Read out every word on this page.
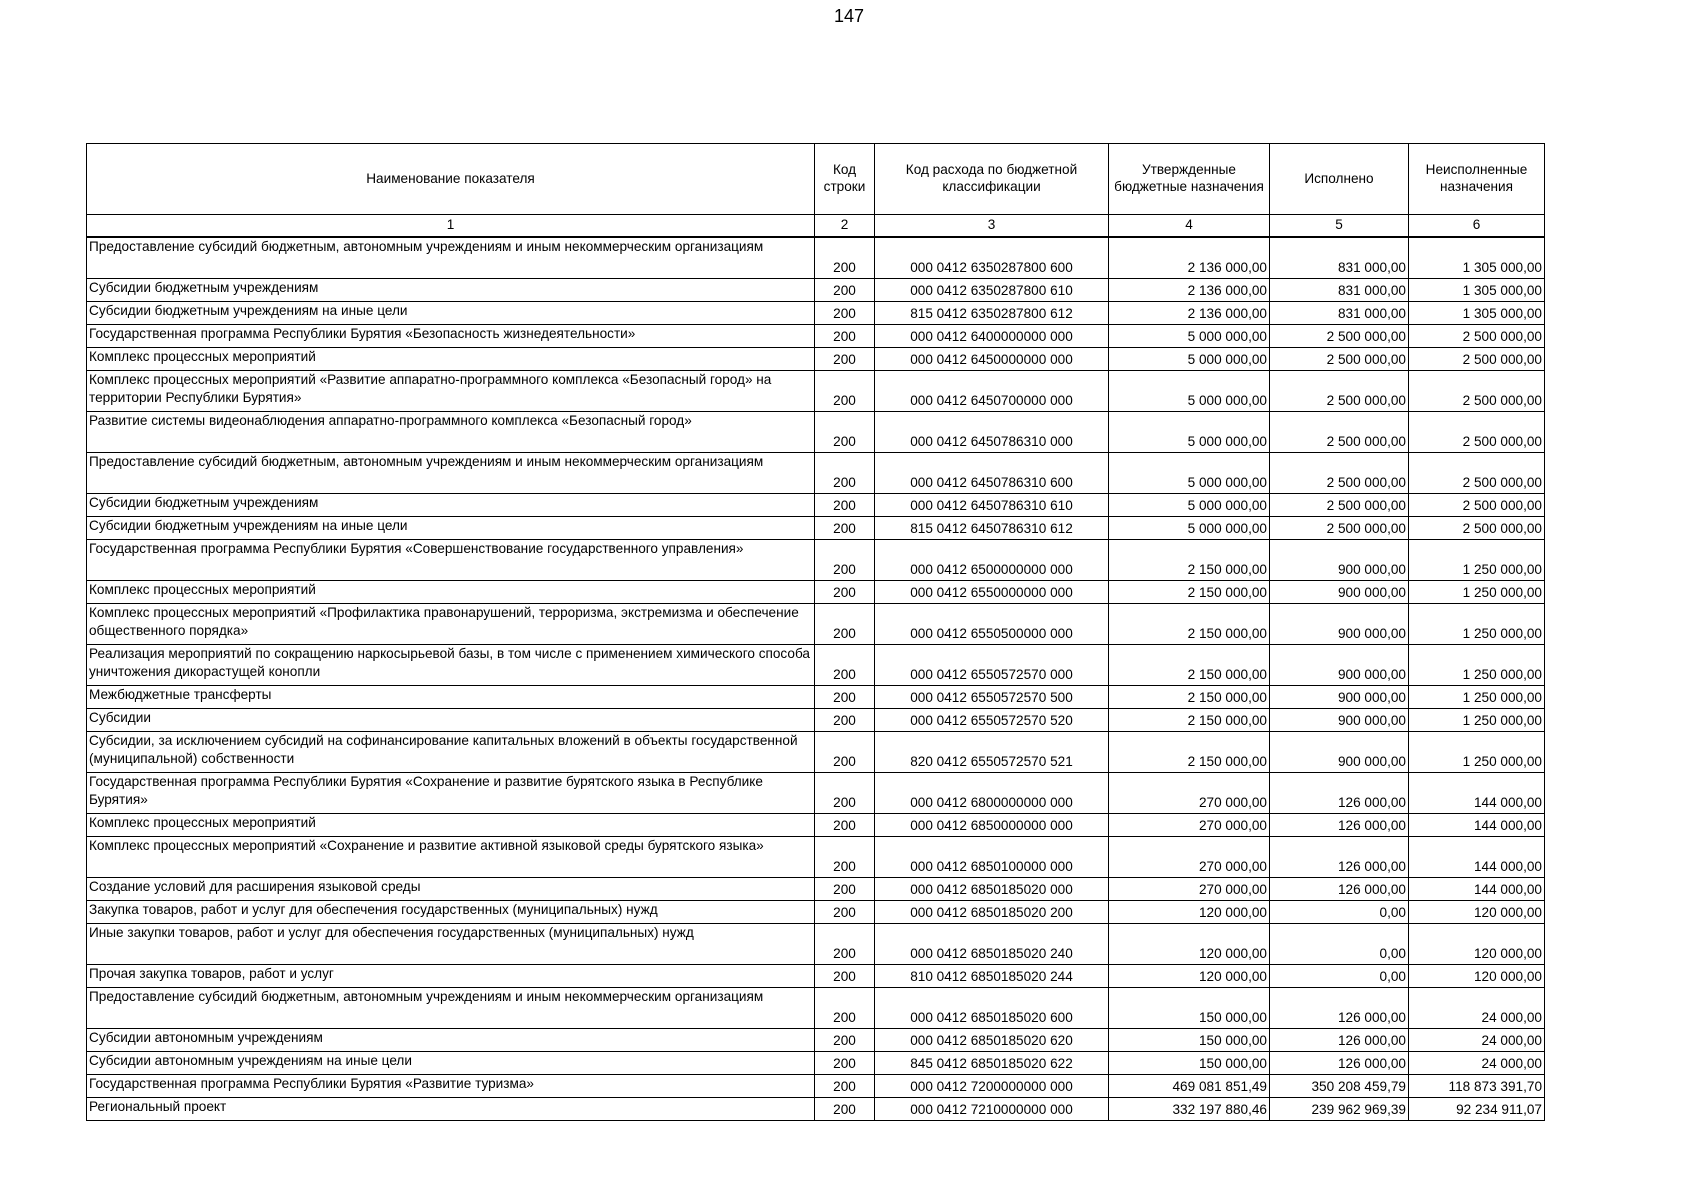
147
Наименование показателя	Код строки	Код расхода по бюджетной классификации	Утвержденные бюджетные назначения	Исполнено	Неисполненные назначения
1	2	3	4	5	6
Предоставление субсидий бюджетным, автономным учреждениям и иным некоммерческим организациям	200	000 0412 6350287800 600	2 136 000,00	831 000,00	1 305 000,00
Субсидии бюджетным учреждениям	200	000 0412 6350287800 610	2 136 000,00	831 000,00	1 305 000,00
Субсидии бюджетным учреждениям на иные цели	200	815 0412 6350287800 612	2 136 000,00	831 000,00	1 305 000,00
Государственная программа Республики Бурятия «Безопасность жизнедеятельности»	200	000 0412 6400000000 000	5 000 000,00	2 500 000,00	2 500 000,00
Комплекс процессных мероприятий	200	000 0412 6450000000 000	5 000 000,00	2 500 000,00	2 500 000,00
Комплекс процессных мероприятий «Развитие аппаратно-программного комплекса «Безопасный город» на территории Республики Бурятия»	200	000 0412 6450700000 000	5 000 000,00	2 500 000,00	2 500 000,00
Развитие системы видеонаблюдения аппаратно-программного комплекса «Безопасный город»	200	000 0412 6450786310 000	5 000 000,00	2 500 000,00	2 500 000,00
Предоставление субсидий бюджетным, автономным учреждениям и иным некоммерческим организациям	200	000 0412 6450786310 600	5 000 000,00	2 500 000,00	2 500 000,00
Субсидии бюджетным учреждениям	200	000 0412 6450786310 610	5 000 000,00	2 500 000,00	2 500 000,00
Субсидии бюджетным учреждениям на иные цели	200	815 0412 6450786310 612	5 000 000,00	2 500 000,00	2 500 000,00
Государственная программа Республики Бурятия «Совершенствование государственного управления»	200	000 0412 6500000000 000	2 150 000,00	900 000,00	1 250 000,00
Комплекс процессных мероприятий	200	000 0412 6550000000 000	2 150 000,00	900 000,00	1 250 000,00
Комплекс процессных мероприятий «Профилактика правонарушений, терроризма, экстремизма и обеспечение общественного порядка»	200	000 0412 6550500000 000	2 150 000,00	900 000,00	1 250 000,00
Реализация мероприятий по сокращению наркосырьевой базы, в том числе с применением химического способа уничтожения дикорастущей конопли	200	000 0412 6550572570 000	2 150 000,00	900 000,00	1 250 000,00
Межбюджетные трансферты	200	000 0412 6550572570 500	2 150 000,00	900 000,00	1 250 000,00
Субсидии	200	000 0412 6550572570 520	2 150 000,00	900 000,00	1 250 000,00
Субсидии, за исключением субсидий на софинансирование капитальных вложений в объекты государственной (муниципальной) собственности	200	820 0412 6550572570 521	2 150 000,00	900 000,00	1 250 000,00
Государственная программа Республики Бурятия «Сохранение и развитие бурятского языка в Республике Бурятия»	200	000 0412 6800000000 000	270 000,00	126 000,00	144 000,00
Комплекс процессных мероприятий	200	000 0412 6850000000 000	270 000,00	126 000,00	144 000,00
Комплекс процессных мероприятий «Сохранение и развитие активной языковой среды бурятского языка»	200	000 0412 6850100000 000	270 000,00	126 000,00	144 000,00
Создание условий для расширения языковой среды	200	000 0412 6850185020 000	270 000,00	126 000,00	144 000,00
Закупка товаров, работ и услуг для обеспечения государственных (муниципальных) нужд	200	000 0412 6850185020 200	120 000,00	0,00	120 000,00
Иные закупки товаров, работ и услуг для обеспечения государственных (муниципальных) нужд	200	000 0412 6850185020 240	120 000,00	0,00	120 000,00
Прочая закупка товаров, работ и услуг	200	810 0412 6850185020 244	120 000,00	0,00	120 000,00
Предоставление субсидий бюджетным, автономным учреждениям и иным некоммерческим организациям	200	000 0412 6850185020 600	150 000,00	126 000,00	24 000,00
Субсидии автономным учреждениям	200	000 0412 6850185020 620	150 000,00	126 000,00	24 000,00
Субсидии автономным учреждениям на иные цели	200	845 0412 6850185020 622	150 000,00	126 000,00	24 000,00
Государственная программа Республики Бурятия «Развитие туризма»	200	000 0412 7200000000 000	469 081 851,49	350 208 459,79	118 873 391,70
Региональный проект	200	000 0412 7210000000 000	332 197 880,46	239 962 969,39	92 234 911,07
